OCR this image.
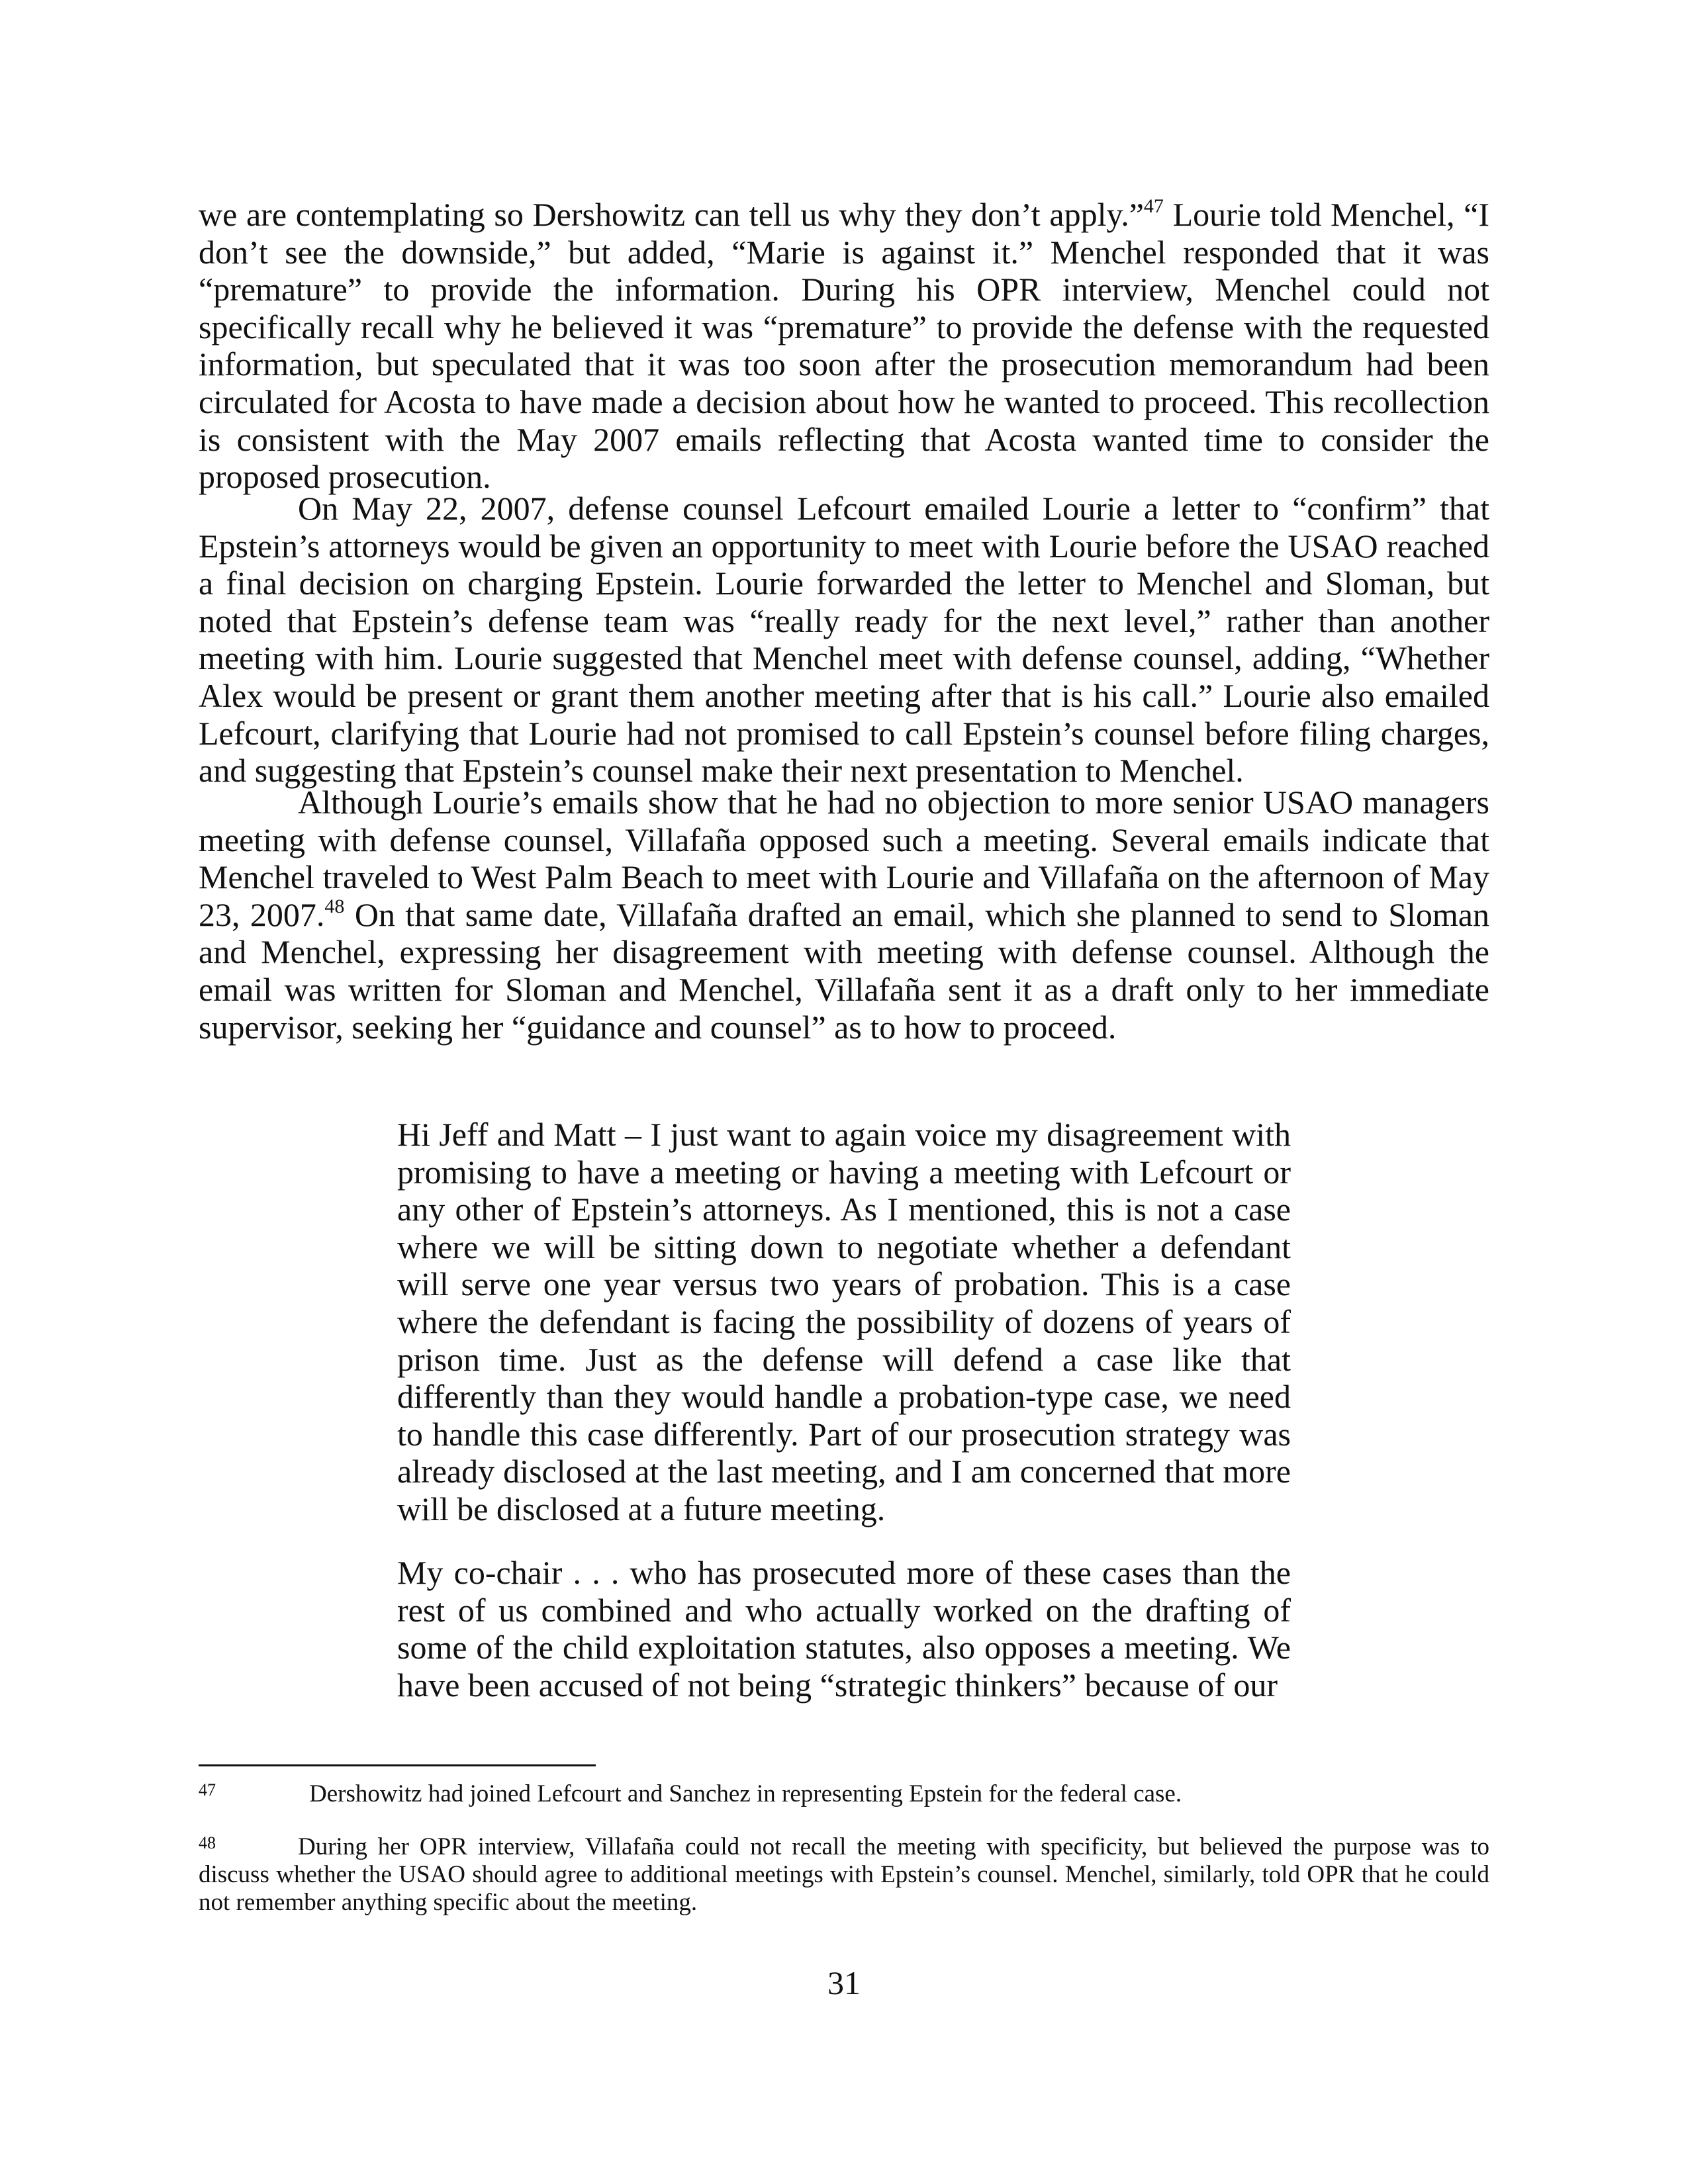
we are contemplating so Dershowitz can tell us why they don’t apply.”$^{47}$ Lourie told Menchel, “I don’t see the downside,” but added, “Marie is against it.” Menchel responded that it was “premature” to provide the information. During his OPR interview, Menchel could not specifically recall why he believed it was “premature” to provide the defense with the requested information, but speculated that it was too soon after the prosecution memorandum had been circulated for Acosta to have made a decision about how he wanted to proceed. This recollection is consistent with the May 2007 emails reflecting that Acosta wanted time to consider the proposed prosecution.

On May 22, 2007, defense counsel Lefcourt emailed Lourie a letter to “confirm” that Epstein’s attorneys would be given an opportunity to meet with Lourie before the USAO reached a final decision on charging Epstein. Lourie forwarded the letter to Menchel and Sloman, but noted that Epstein’s defense team was “really ready for the next level,” rather than another meeting with him. Lourie suggested that Menchel meet with defense counsel, adding, “Whether Alex would be present or grant them another meeting after that is his call.” Lourie also emailed Lefcourt, clarifying that Lourie had not promised to call Epstein’s counsel before filing charges, and suggesting that Epstein’s counsel make their next presentation to Menchel.

Although Lourie’s emails show that he had no objection to more senior USAO managers meeting with defense counsel, Villafaña opposed such a meeting. Several emails indicate that Menchel traveled to West Palm Beach to meet with Lourie and Villafaña on the afternoon of May 23, 2007.48 On that same date, Villafaña drafted an email, which she planned to send to Sloman and Menchel, expressing her disagreement with meeting with defense counsel. Although the email was written for Sloman and Menchel, Villafaña sent it as a draft only to her immediate supervisor, seeking her “guidance and counsel” as to how to proceed.

Hi Jeff and Matt – I just want to again voice my disagreement with promising to have a meeting or having a meeting with Lefcourt or any other of Epstein’s attorneys. As I mentioned, this is not a case where we will be sitting down to negotiate whether a defendant will serve one year versus two years of probation. This is a case where the defendant is facing the possibility of dozens of years of prison time. Just as the defense will defend a case like that differently than they would handle a probation-type case, we need to handle this case differently. Part of our prosecution strategy was already disclosed at the last meeting, and I am concerned that more will be disclosed at a future meeting.

My co-chair . . . who has prosecuted more of these cases than the rest of us combined and who actually worked on the drafting of some of the child exploitation statutes, also opposes a meeting. We have been accused of not being “strategic thinkers” because of our

47	Dershowitz had joined Lefcourt and Sanchez in representing Epstein for the federal case.

48	During her OPR interview, Villafaña could not recall the meeting with specificity, but believed the purpose was to discuss whether the USAO should agree to additional meetings with Epstein’s counsel. Menchel, similarly, told OPR that he could not remember anything specific about the meeting.

31
